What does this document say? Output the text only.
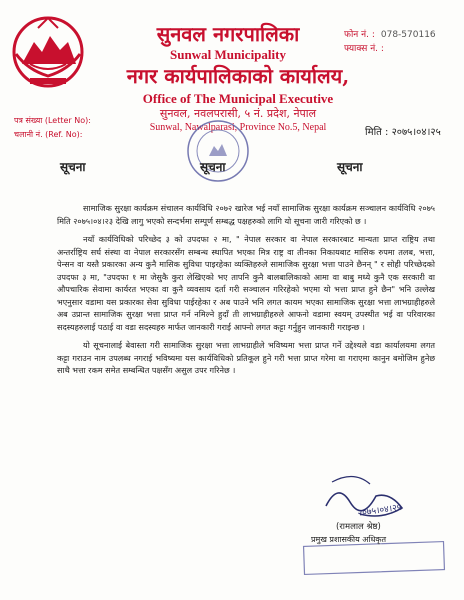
सुनवल नगरपालिका
Sunwal Municipality
नगर कार्यपालिकाको कार्यालय,
Office of The Municipal Executive
सुनवल, नवलपरासी, ५ नं. प्रदेश, नेपाल
Sunwal, Nawalparasi, Province No.5, Nepal
फोन नं. : 078-570116
फ्याक्स नं. :
पत्र संख्या (Letter No):
चलानी नं. (Ref. No):	मिति : २०७५।०४।२५
सूचना	सूचना	सूचना

सामाजिक सुरक्षा कार्यक्रम संचालन कार्यविधि २०७२ खारेज भई नयाँ सामाजिक सुरक्षा कार्यक्रम सञ्चालन कार्यविधि २०७५ मिति २०७५।०४।२३ देखि लागु भएको सन्दर्भमा सम्पूर्ण सम्बद्ध पक्षहरुको लागि यो सूचना जारी गरिएको छ ।

नयाँ कार्यविधिको परिच्छेद ३ को उपदफा २ मा, " नेपाल सरकार वा नेपाल सरकारबाट मान्यता प्राप्त राष्ट्रिय तथा अन्तर्राष्ट्रिय सर्घ संस्था वा नेपाल सरकारसँग सम्बन्ध स्थापित भएका मित्र राष्ट्र वा तीनका निकायबाट मासिक रुपमा तलब, भत्ता, पेन्सन वा यस्तै प्रकारका अन्य कुनै मासिक सुविधा पाइरहेका व्यक्तिहरुले सामाजिक सुरक्षा भत्ता पाउने छैनन् " र सोही परिच्छेदको उपदफा ३ मा, "उपदफा १ मा जेसुकै कुरा लेखिएको भए तापनि कुनै बालबालिकाको आमा वा बाबु मध्ये कुनै एक सरकारी वा औपचारिक सेवामा कार्यरत भएका वा कुनै व्यवसाय दर्ता गरी सञ्चालन गरिरहेको भएमा यो भत्ता प्राप्त हुने छैन" भनि उल्लेख भएनुसार वडामा यस प्रकारका सेवा सुविधा पाईरहेका र अब पाउने भनि लगत कायम भएका सामाजिक सुरक्षा भत्ता लाभग्राहीहरुले अब उप्रान्त सामाजिक सुरक्षा भत्ता प्राप्त गर्न नमिल्ने हुदाँ ती लाभग्राहीहरुले आफनो वडामा स्वयम् उपस्थीत भई वा परिवारका सदस्यहरुलाई पठाई वा वडा सदस्यहरु मार्फत जानकारी गराई आफ्नो लगत कट्टा गर्नुहुन जानकारी गराइन्छ ।

यो सूचनालाई बेवास्ता गरी सामाजिक सुरक्षा भत्ता लाभग्राहीले भविष्यमा भत्ता प्राप्त गर्ने उद्देश्यले वडा कार्यालयमा लगत कट्टा गराउन नाम उपलब्ध नगराई भविष्यमा यस कार्यविधिको प्रतिकूल हुने गरी भत्ता प्राप्त गरेमा वा गराएमा कानुन बमोजिम हुनेछ साथै भत्ता रकम समेत सम्बन्धित पक्षसँग असुल उपर गरिनेछ ।

२०७५।०४।२५
(रामलाल श्रेष्ठ)
प्रमुख प्रशासकीय अधिकृत
